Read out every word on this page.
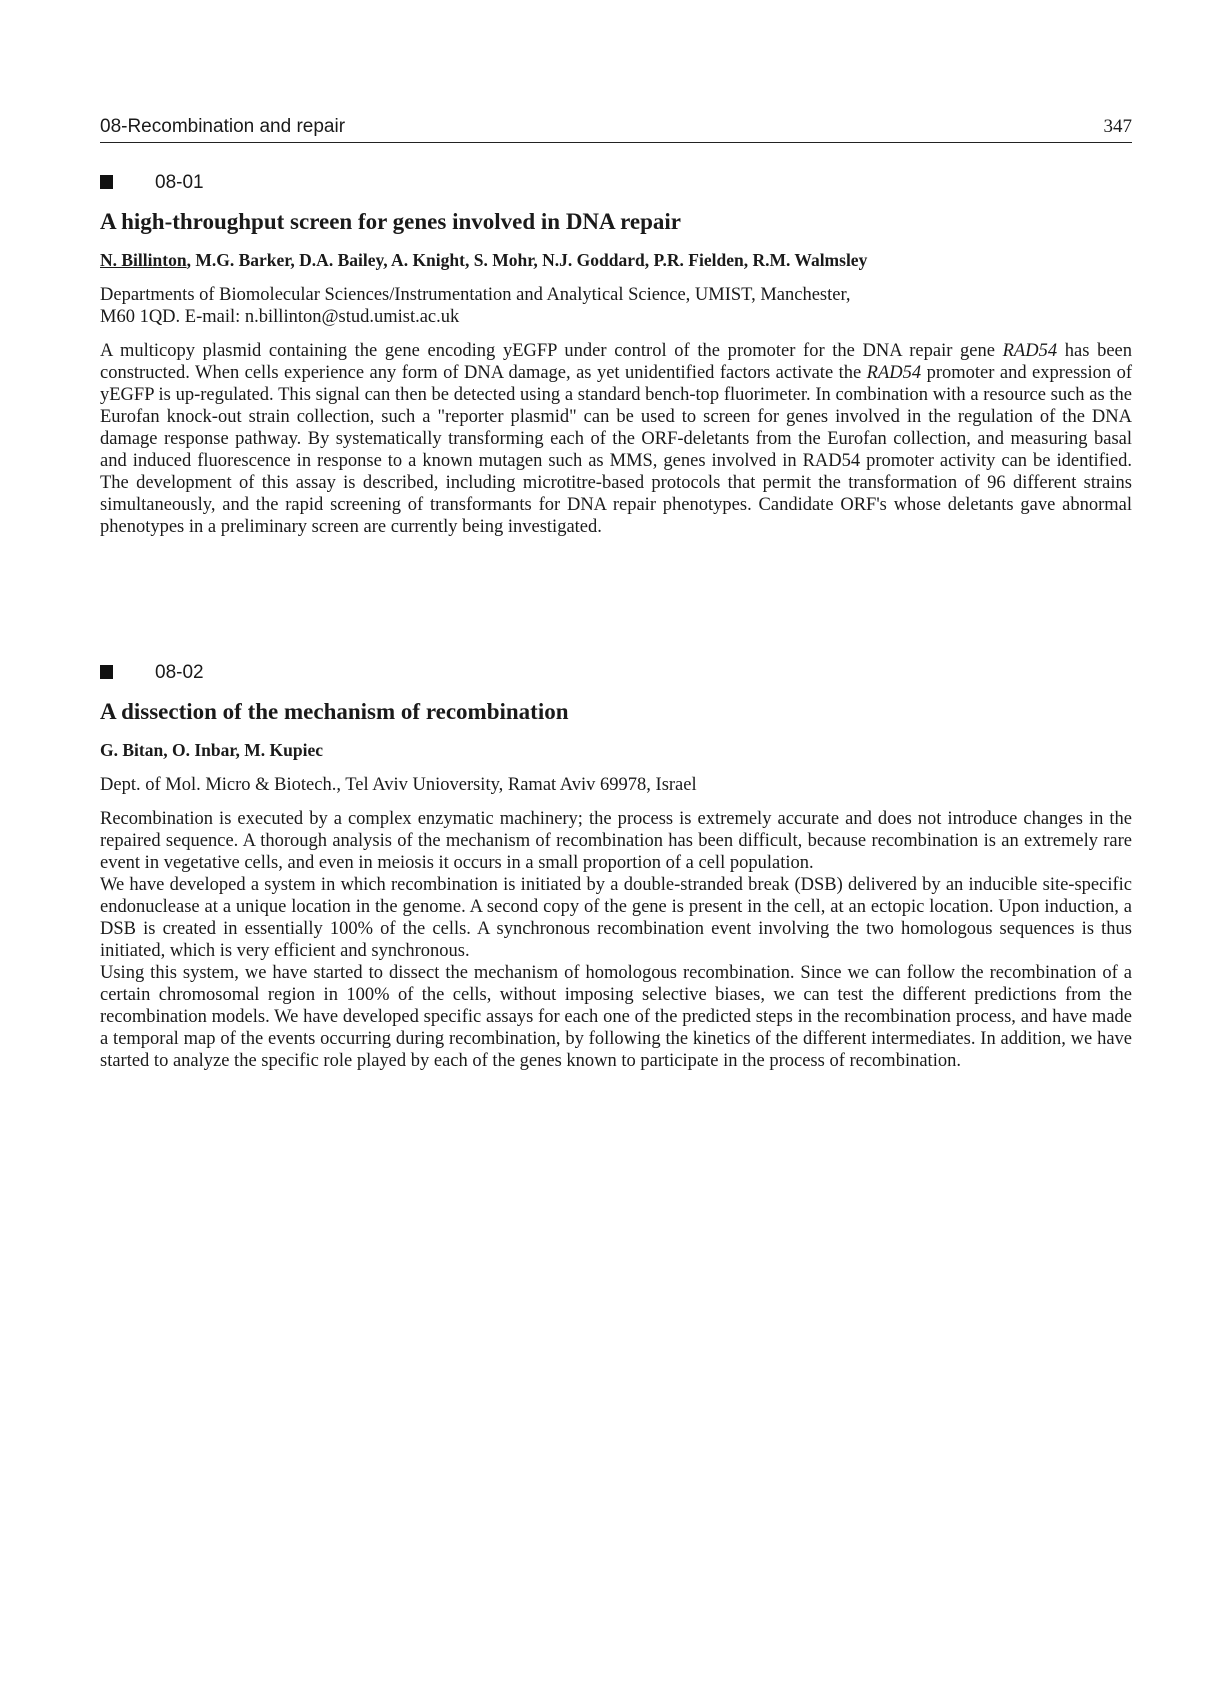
08-Recombination and repair	347
08-01
A high-throughput screen for genes involved in DNA repair
N. Billinton, M.G. Barker, D.A. Bailey, A. Knight, S. Mohr, N.J. Goddard, P.R. Fielden, R.M. Walmsley
Departments of Biomolecular Sciences/Instrumentation and Analytical Science, UMIST, Manchester,
M60 1QD. E-mail: n.billinton@stud.umist.ac.uk

A multicopy plasmid containing the gene encoding yEGFP under control of the promoter for the DNA repair gene RAD54 has been constructed. When cells experience any form of DNA damage, as yet unidentified factors activate the RAD54 promoter and expression of yEGFP is up-regulated. This signal can then be detected using a standard bench-top fluorimeter. In combination with a resource such as the Eurofan knock-out strain collection, such a "reporter plasmid" can be used to screen for genes involved in the regulation of the DNA damage response pathway. By systematically transforming each of the ORF-deletants from the Eurofan collection, and measuring basal and induced fluorescence in response to a known mutagen such as MMS, genes involved in RAD54 promoter activity can be identified. The development of this assay is described, including microtitre-based protocols that permit the transformation of 96 different strains simultaneously, and the rapid screening of transformants for DNA repair phenotypes. Candidate ORF's whose deletants gave abnormal phenotypes in a preliminary screen are currently being investigated.

08-02
A dissection of the mechanism of recombination
G. Bitan, O. Inbar, M. Kupiec
Dept. of Mol. Micro & Biotech., Tel Aviv Unioversity, Ramat Aviv 69978, Israel

Recombination is executed by a complex enzymatic machinery; the process is extremely accurate and does not introduce changes in the repaired sequence. A thorough analysis of the mechanism of recombination has been difficult, because recombination is an extremely rare event in vegetative cells, and even in meiosis it occurs in a small proportion of a cell population.

We have developed a system in which recombination is initiated by a double-stranded break (DSB) delivered by an inducible site-specific endonuclease at a unique location in the genome. A second copy of the gene is present in the cell, at an ectopic location. Upon induction, a DSB is created in essentially 100% of the cells. A synchronous recombination event involving the two homologous sequences is thus initiated, which is very efficient and synchronous.

Using this system, we have started to dissect the mechanism of homologous recombination. Since we can follow the recombination of a certain chromosomal region in 100% of the cells, without imposing selective biases, we can test the different predictions from the recombination models. We have developed specific assays for each one of the predicted steps in the recombination process, and have made a temporal map of the events occurring during recombination, by following the kinetics of the different intermediates. In addition, we have started to analyze the specific role played by each of the genes known to participate in the process of recombination.
